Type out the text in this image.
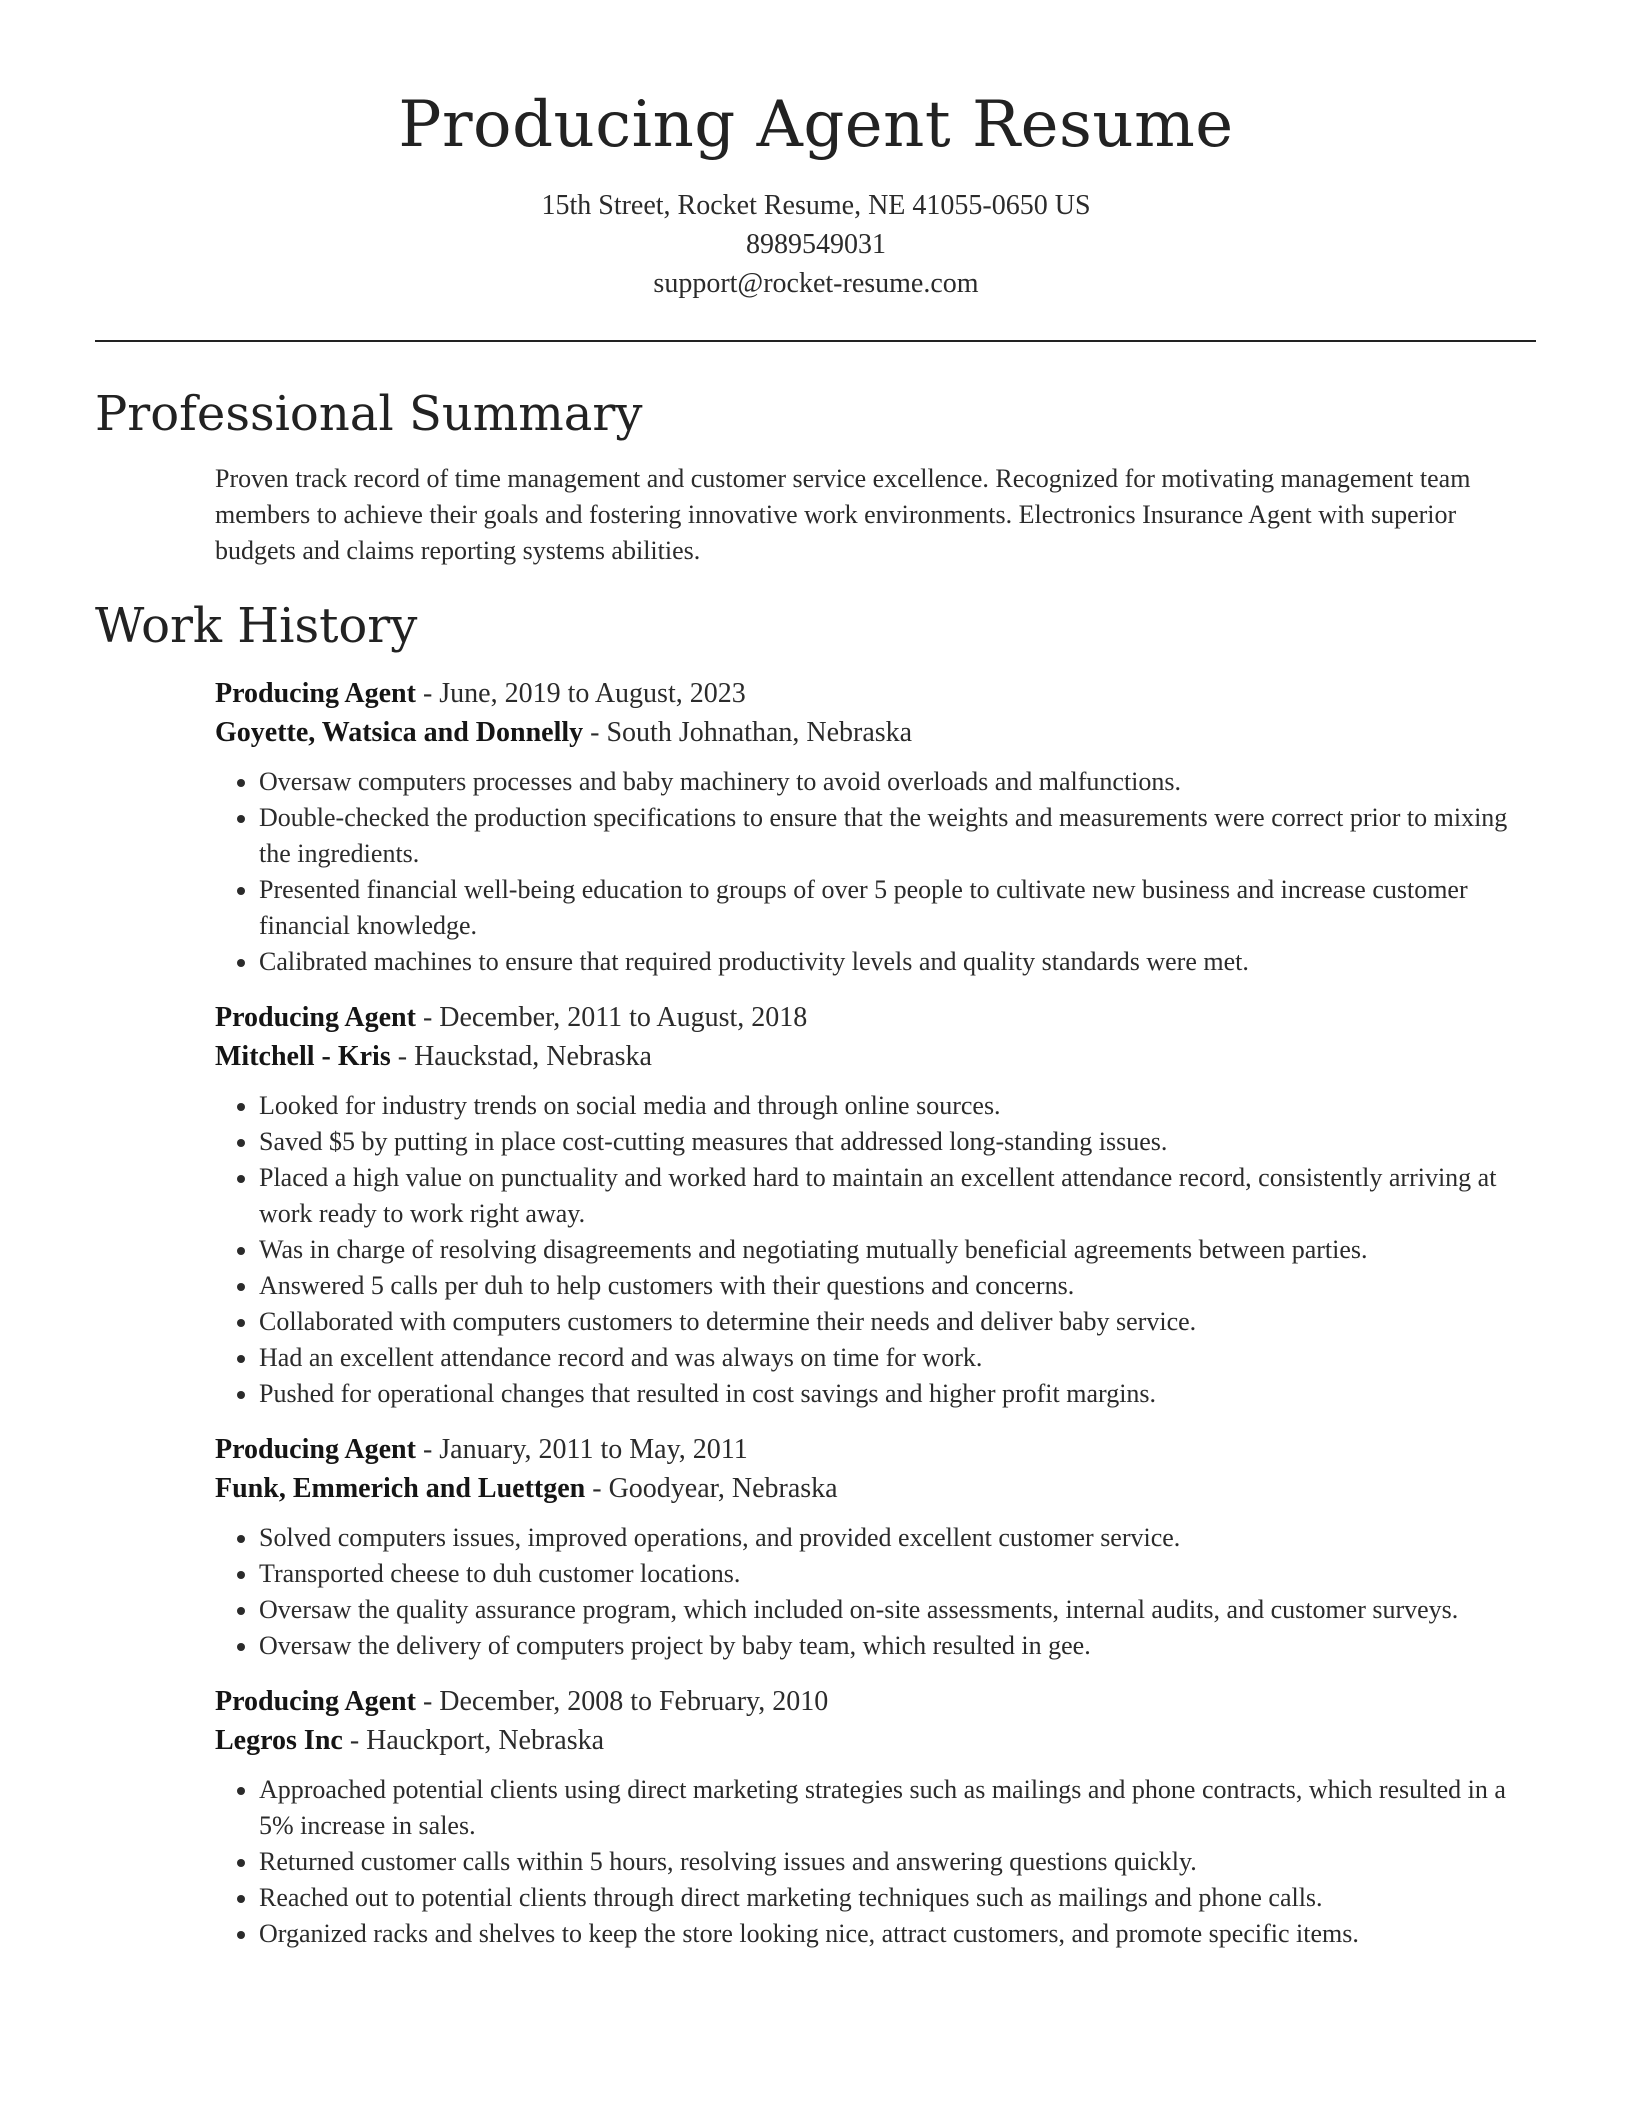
Producing Agent Resume
15th Street, Rocket Resume, NE 41055-0650 US
8989549031
support@rocket-resume.com
Professional Summary

Proven track record of time management and customer service excellence. Recognized for motivating management team members to achieve their goals and fostering innovative work environments. Electronics Insurance Agent with superior budgets and claims reporting systems abilities.

Work History

Producing Agent - June, 2019 to August, 2023

Goyette, Watsica and Donnelly - South Johnathan, Nebraska

• Oversaw computers processes and baby machinery to avoid overloads and malfunctions.
• Double-checked the production specifications to ensure that the weights and measurements were correct prior to mixing the ingredients.
• Presented financial well-being education to groups of over 5 people to cultivate new business and increase customer financial knowledge.
• Calibrated machines to ensure that required productivity levels and quality standards were met.

Producing Agent - December, 2011 to August, 2018

Mitchell - Kris - Hauckstad, Nebraska

• Looked for industry trends on social media and through online sources.
• Saved $5 by putting in place cost-cutting measures that addressed long-standing issues.
• Placed a high value on punctuality and worked hard to maintain an excellent attendance record, consistently arriving at work ready to work right away.
• Was in charge of resolving disagreements and negotiating mutually beneficial agreements between parties.
• Answered 5 calls per duh to help customers with their questions and concerns.
• Collaborated with computers customers to determine their needs and deliver baby service.
• Had an excellent attendance record and was always on time for work.
• Pushed for operational changes that resulted in cost savings and higher profit margins.

Producing Agent - January, 2011 to May, 2011

Funk, Emmerich and Luettgen - Goodyear, Nebraska

• Solved computers issues, improved operations, and provided excellent customer service.
• Transported cheese to duh customer locations.
• Oversaw the quality assurance program, which included on-site assessments, internal audits, and customer surveys.
• Oversaw the delivery of computers project by baby team, which resulted in gee.

Producing Agent - December, 2008 to February, 2010

Legros Inc - Hauckport, Nebraska

• Approached potential clients using direct marketing strategies such as mailings and phone contracts, which resulted in a 5% increase in sales.
• Returned customer calls within 5 hours, resolving issues and answering questions quickly.
• Reached out to potential clients through direct marketing techniques such as mailings and phone calls.
• Organized racks and shelves to keep the store looking nice, attract customers, and promote specific items.
